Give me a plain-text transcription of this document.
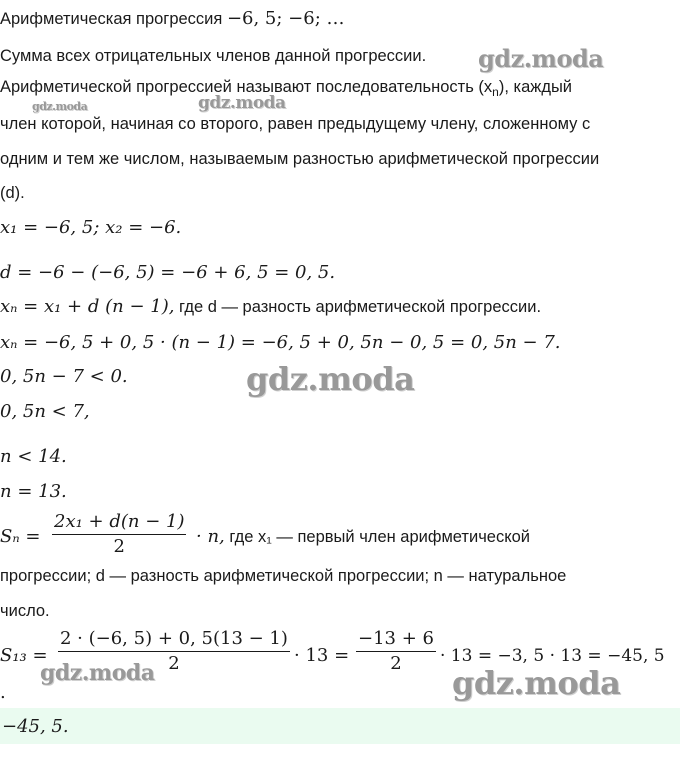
Арифметическая прогрессия −6, 5; −6; …
Сумма всех отрицательных членов данной прогрессии.
Арифметической прогрессией называют последовательность $(x_n)$, каждый
член которой, начиная со второго, равен предыдущему члену, сложенному с
одним и тем же числом, называемым разностью арифметической прогрессии
(d).
x₁ = −6, 5; x₂ = −6.
d = −6 − (−6, 5) = −6 + 6, 5 = 0, 5.
xₙ = x₁ + d (n − 1), где d — разность арифметической прогрессии.
xₙ = −6, 5 + 0, 5 · (n − 1) = −6, 5 + 0, 5n − 0, 5 = 0, 5n − 7.
0, 5n − 7 < 0.
0, 5n < 7,
n < 14.
n = 13.
$S_n = \frac{\text{2x₁ + d(n − 1)}}{2} \cdot n$, где x₁ — первый член арифметической
прогрессии; d — разность арифметической прогрессии; n — натуральное
число.
$S_{13} = \frac{2 \cdot (-6, 5) + 0, 5(13 - 1)}{2} \cdot 13 = \frac{-13 + 6}{2} \cdot 13 = -3$, 5 · 13 = −45, 5
.
−45, 5.
gdz.moda
gdz.moda	gdz.moda
gdz.moda
gdz.moda	gdz.moda
